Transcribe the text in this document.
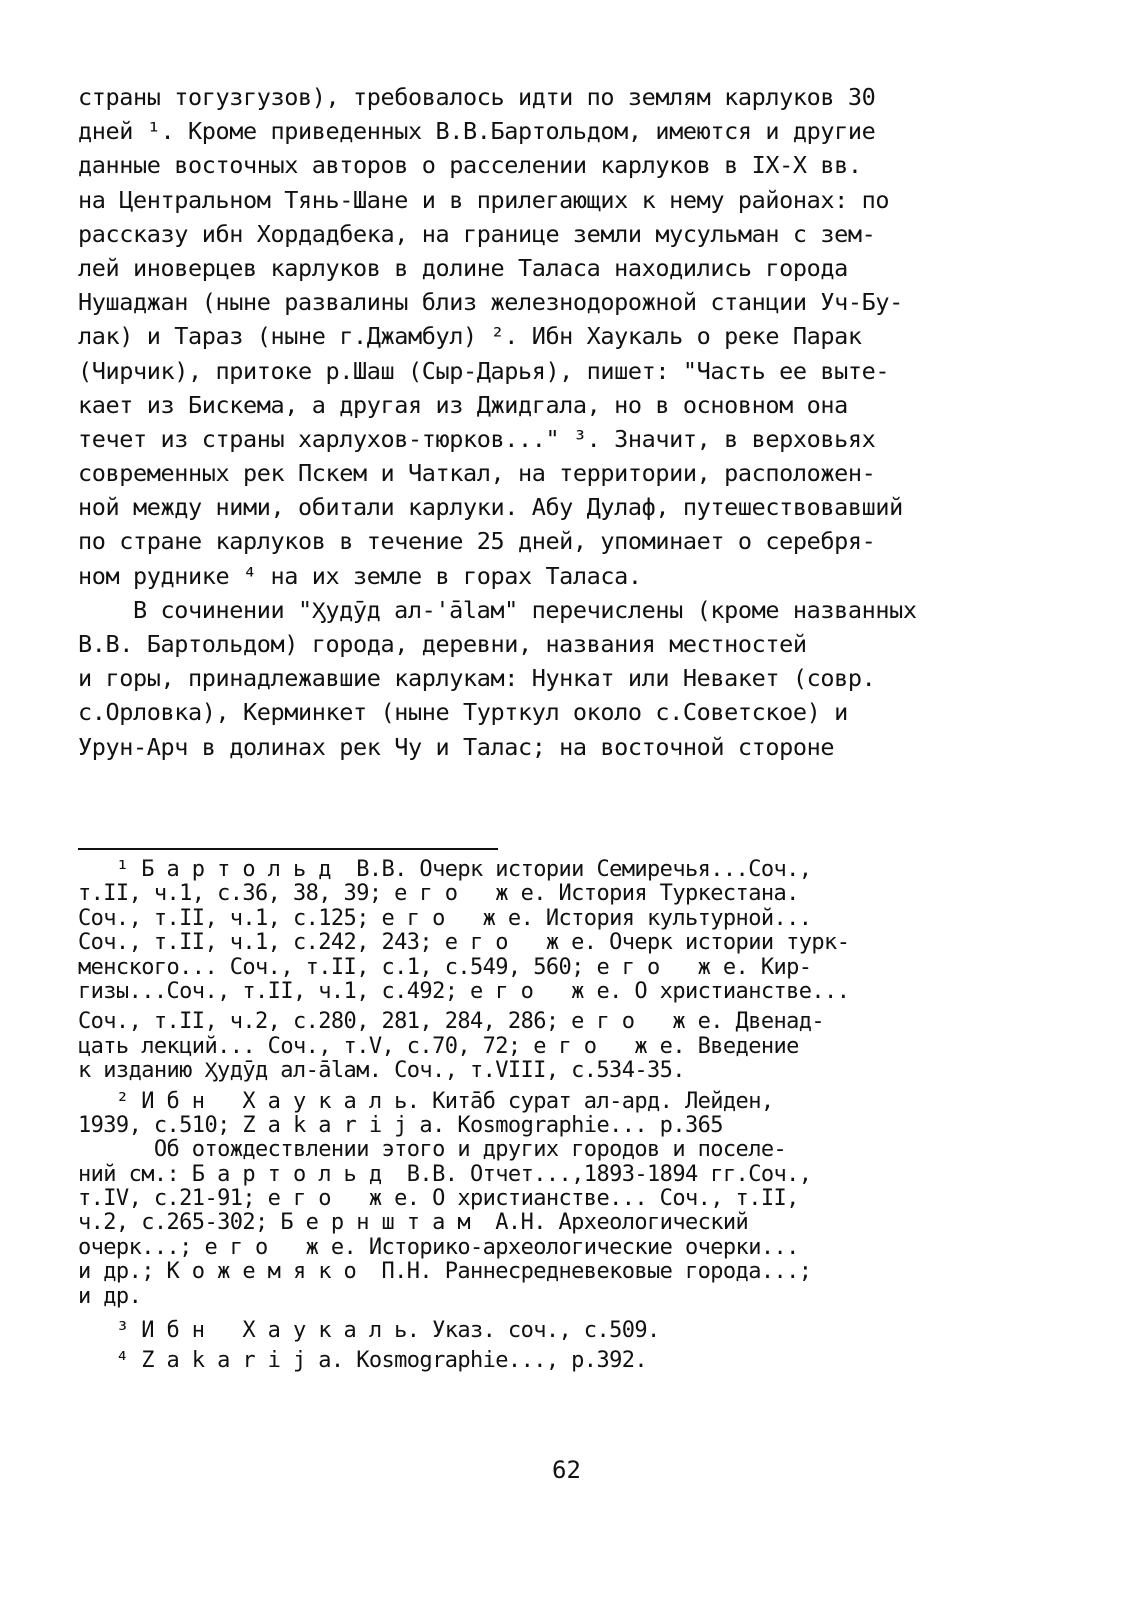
страны тогузгузов), требовалось идти по землям карлуков 30
дней ¹. Кроме приведенных В.В.Бартольдом, имеются и другие
данные восточных авторов о расселении карлуков в IX-X вв.
на Центральном Тянь-Шане и в прилегающих к нему районах: по
рассказу ибн Хордадбека, на границе земли мусульман с зем-
лей иноверцев карлуков в долине Таласа находились города
Нушаджан (ныне развалины близ железнодорожной станции Уч-Бу-
лак) и Тараз (ныне г.Джамбул) ². Ибн Хаукаль о реке Парак
(Чирчик), притоке р.Шаш (Сыр-Дарья), пишет: "Часть ее выте-
кает из Бискема, а другая из Джидгала, но в основном она
течет из страны харлухов-тюрков..." ³. Значит, в верховьях
современных рек Пскем и Чаткал, на территории, расположен-
ной между ними, обитали карлуки. Абу Дулаф, путешествовавший
по стране карлуков в течение 25 дней, упоминает о серебря-
ном руднике ⁴ на их земле в горах Таласа.
В сочинении "Ӽудӯд ал-'ālам" перечислены (кроме названных
В.В. Бартольдом) города, деревни, названия местностей
и горы, принадлежавшие карлукам: Нункат или Невакет (совр.
с.Орловка), Керминкет (ныне Турткул около с.Советское) и
Урун-Арч в долинах рек Чу и Талас; на восточной стороне
¹ Б а р т о л ь д  В.В. Очерк истории Семиречья...Соч.,
т.II, ч.1, с.36, 38, 39; е г о   ж е. История Туркестана.
Соч., т.II, ч.1, с.125; е г о   ж е. История культурной...
Соч., т.II, ч.1, с.242, 243; е г о   ж е. Очерк истории турк-
менского... Соч., т.II, с.1, с.549, 560; е г о   ж е. Кир-
гизы...Соч., т.II, ч.1, с.492; е г о   ж е. О христианстве...
Соч., т.II, ч.2, с.280, 281, 284, 286; е г о   ж е. Двенад-
цать лекций... Соч., т.V, с.70, 72; е г о   ж е. Введение
к изданию Ӽудӯд ал-ālам. Соч., т.VIII, с.534-35.
² И б н   Х а у к а л ь. Китāб сурат ал-ард. Лейден,
1939, с.510; Z a k a r i j a. Kosmographie... p.365
Об отождествлении этого и других городов и поселе-
ний см.: Б а р т о л ь д  В.В. Отчет...,1893-1894 гг.Соч.,
т.IV, с.21-91; е г о   ж е. О христианстве... Соч., т.II,
ч.2, с.265-302; Б е р н ш т а м  А.Н. Археологический
очерк...; е г о   ж е. Историко-археологические очерки...
и др.; К о ж е м я к о  П.Н. Раннесредневековые города...;
и др.
³ И б н   Х а у к а л ь. Указ. соч., с.509.
⁴ Z a k a r i j a. Kosmographie..., p.392.
62
